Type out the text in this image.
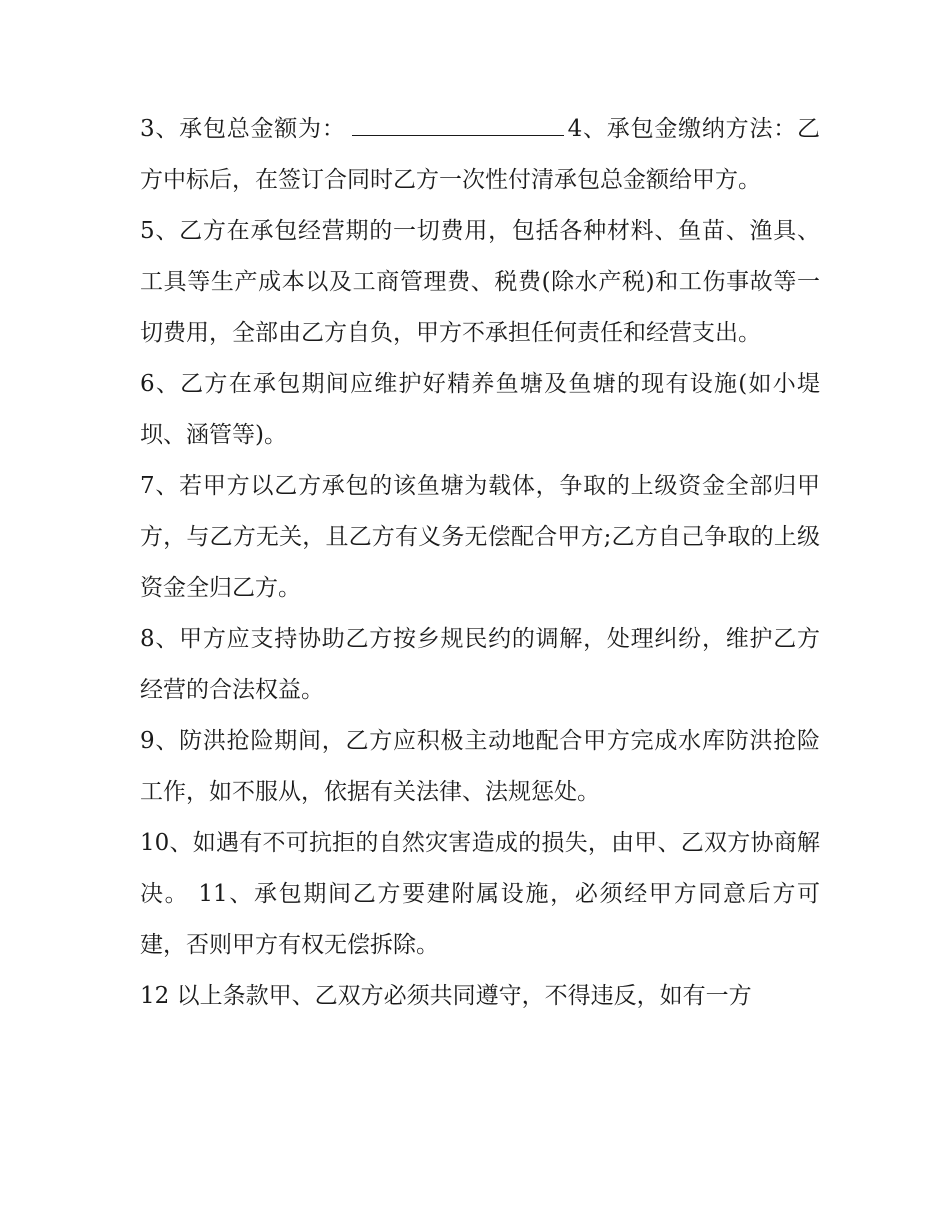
3、承包总金额为：	4、承包金缴纳方法：乙方中标后，在签订合同时乙方一次性付清承包总金额给甲方。

5、乙方在承包经营期的一切费用，包括各种材料、鱼苗、渔具、工具等生产成本以及工商管理费、税费(除水产税)和工伤事故等一切费用，全部由乙方自负，甲方不承担任何责任和经营支出。

6、乙方在承包期间应维护好精养鱼塘及鱼塘的现有设施(如小堤坝、涵管等)。

7、若甲方以乙方承包的该鱼塘为载体，争取的上级资金全部归甲方，与乙方无关，且乙方有义务无偿配合甲方;乙方自己争取的上级资金全归乙方。

8、甲方应支持协助乙方按乡规民约的调解，处理纠纷，维护乙方经营的合法权益。

9、防洪抢险期间，乙方应积极主动地配合甲方完成水库防洪抢险工作，如不服从，依据有关法律、法规惩处。

10、如遇有不可抗拒的自然灾害造成的损失，由甲、乙双方协商解决。 11、承包期间乙方要建附属设施，必须经甲方同意后方可建，否则甲方有权无偿拆除。

12 以上条款甲、乙双方必须共同遵守，不得违反，如有一方
